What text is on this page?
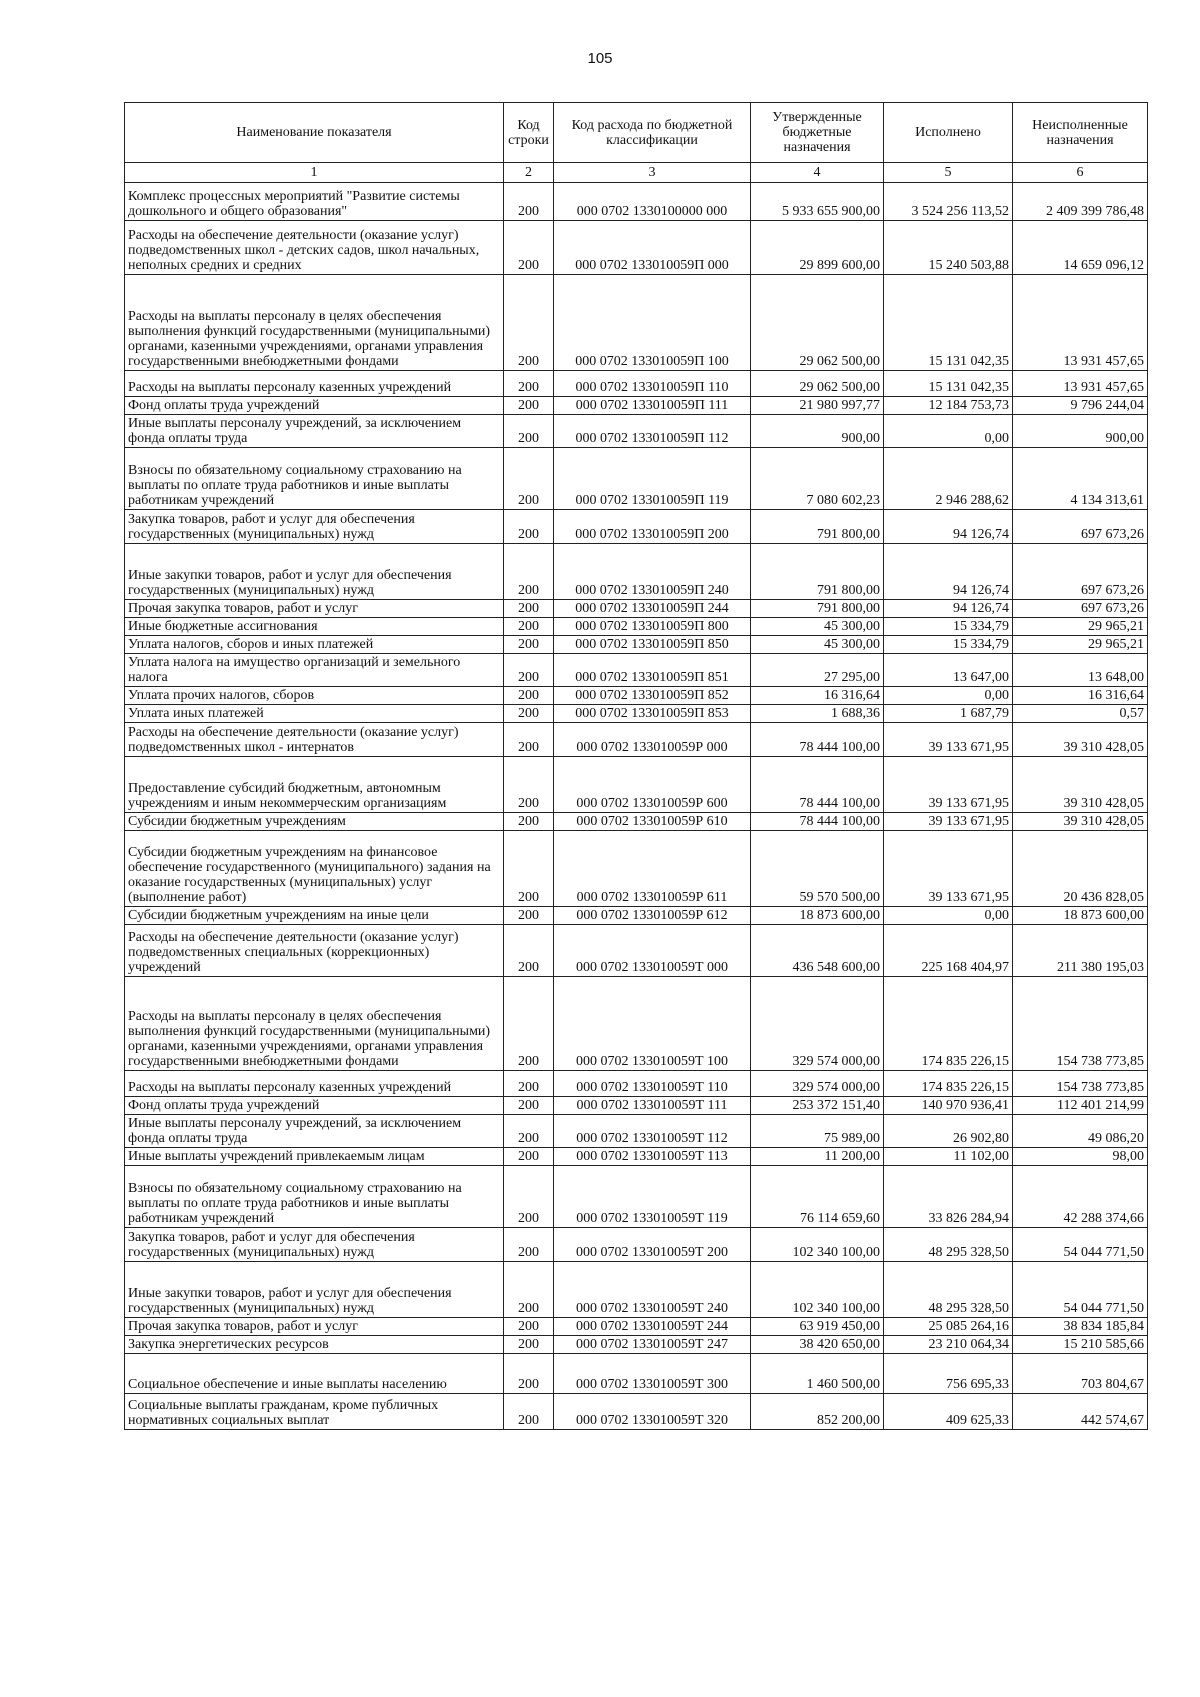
105
Наименование показателя	Код строки	Код расхода по бюджетной классификации	Утвержденные бюджетные назначения	Исполнено	Неисполненные назначения
1	2	3	4	5	6
Комплекс процессных мероприятий "Развитие системы дошкольного и общего образования"	200	000 0702 1330100000 000	5 933 655 900,00	3 524 256 113,52	2 409 399 786,48
Расходы на обеспечение деятельности (оказание услуг) подведомственных школ - детских садов, школ начальных, неполных средних и средних	200	000 0702 133010059П 000	29 899 600,00	15 240 503,88	14 659 096,12
Расходы на выплаты персоналу в целях обеспечения выполнения функций государственными (муниципальными) органами, казенными учреждениями, органами управления государственными внебюджетными фондами	200	000 0702 133010059П 100	29 062 500,00	15 131 042,35	13 931 457,65
Расходы на выплаты персоналу казенных учреждений	200	000 0702 133010059П 110	29 062 500,00	15 131 042,35	13 931 457,65
Фонд оплаты труда учреждений	200	000 0702 133010059П 111	21 980 997,77	12 184 753,73	9 796 244,04
Иные выплаты персоналу учреждений, за исключением фонда оплаты труда	200	000 0702 133010059П 112	900,00	0,00	900,00
Взносы по обязательному социальному страхованию на выплаты по оплате труда работников и иные выплаты работникам учреждений	200	000 0702 133010059П 119	7 080 602,23	2 946 288,62	4 134 313,61
Закупка товаров, работ и услуг для обеспечения государственных (муниципальных) нужд	200	000 0702 133010059П 200	791 800,00	94 126,74	697 673,26
Иные закупки товаров, работ и услуг для обеспечения государственных (муниципальных) нужд	200	000 0702 133010059П 240	791 800,00	94 126,74	697 673,26
Прочая закупка товаров, работ и услуг	200	000 0702 133010059П 244	791 800,00	94 126,74	697 673,26
Иные бюджетные ассигнования	200	000 0702 133010059П 800	45 300,00	15 334,79	29 965,21
Уплата налогов, сборов и иных платежей	200	000 0702 133010059П 850	45 300,00	15 334,79	29 965,21
Уплата налога на имущество организаций и земельного налога	200	000 0702 133010059П 851	27 295,00	13 647,00	13 648,00
Уплата прочих налогов, сборов	200	000 0702 133010059П 852	16 316,64	0,00	16 316,64
Уплата иных платежей	200	000 0702 133010059П 853	1 688,36	1 687,79	0,57
Расходы на обеспечение деятельности (оказание услуг) подведомственных школ - интернатов	200	000 0702 133010059Р 000	78 444 100,00	39 133 671,95	39 310 428,05
Предоставление субсидий бюджетным, автономным учреждениям и иным некоммерческим организациям	200	000 0702 133010059Р 600	78 444 100,00	39 133 671,95	39 310 428,05
Субсидии бюджетным учреждениям	200	000 0702 133010059Р 610	78 444 100,00	39 133 671,95	39 310 428,05
Субсидии бюджетным учреждениям на финансовое обеспечение государственного (муниципального) задания на оказание государственных (муниципальных) услуг (выполнение работ)	200	000 0702 133010059Р 611	59 570 500,00	39 133 671,95	20 436 828,05
Субсидии бюджетным учреждениям на иные цели	200	000 0702 133010059Р 612	18 873 600,00	0,00	18 873 600,00
Расходы на обеспечение деятельности (оказание услуг) подведомственных специальных (коррекционных) учреждений	200	000 0702 133010059Т 000	436 548 600,00	225 168 404,97	211 380 195,03
Расходы на выплаты персоналу в целях обеспечения выполнения функций государственными (муниципальными) органами, казенными учреждениями, органами управления государственными внебюджетными фондами	200	000 0702 133010059Т 100	329 574 000,00	174 835 226,15	154 738 773,85
Расходы на выплаты персоналу казенных учреждений	200	000 0702 133010059Т 110	329 574 000,00	174 835 226,15	154 738 773,85
Фонд оплаты труда учреждений	200	000 0702 133010059Т 111	253 372 151,40	140 970 936,41	112 401 214,99
Иные выплаты персоналу учреждений, за исключением фонда оплаты труда	200	000 0702 133010059Т 112	75 989,00	26 902,80	49 086,20
Иные выплаты учреждений привлекаемым лицам	200	000 0702 133010059Т 113	11 200,00	11 102,00	98,00
Взносы по обязательному социальному страхованию на выплаты по оплате труда работников и иные выплаты работникам учреждений	200	000 0702 133010059Т 119	76 114 659,60	33 826 284,94	42 288 374,66
Закупка товаров, работ и услуг для обеспечения государственных (муниципальных) нужд	200	000 0702 133010059Т 200	102 340 100,00	48 295 328,50	54 044 771,50
Иные закупки товаров, работ и услуг для обеспечения государственных (муниципальных) нужд	200	000 0702 133010059Т 240	102 340 100,00	48 295 328,50	54 044 771,50
Прочая закупка товаров, работ и услуг	200	000 0702 133010059Т 244	63 919 450,00	25 085 264,16	38 834 185,84
Закупка энергетических ресурсов	200	000 0702 133010059Т 247	38 420 650,00	23 210 064,34	15 210 585,66
Социальное обеспечение и иные выплаты населению	200	000 0702 133010059Т 300	1 460 500,00	756 695,33	703 804,67
Социальные выплаты гражданам, кроме публичных нормативных социальных выплат	200	000 0702 133010059Т 320	852 200,00	409 625,33	442 574,67
